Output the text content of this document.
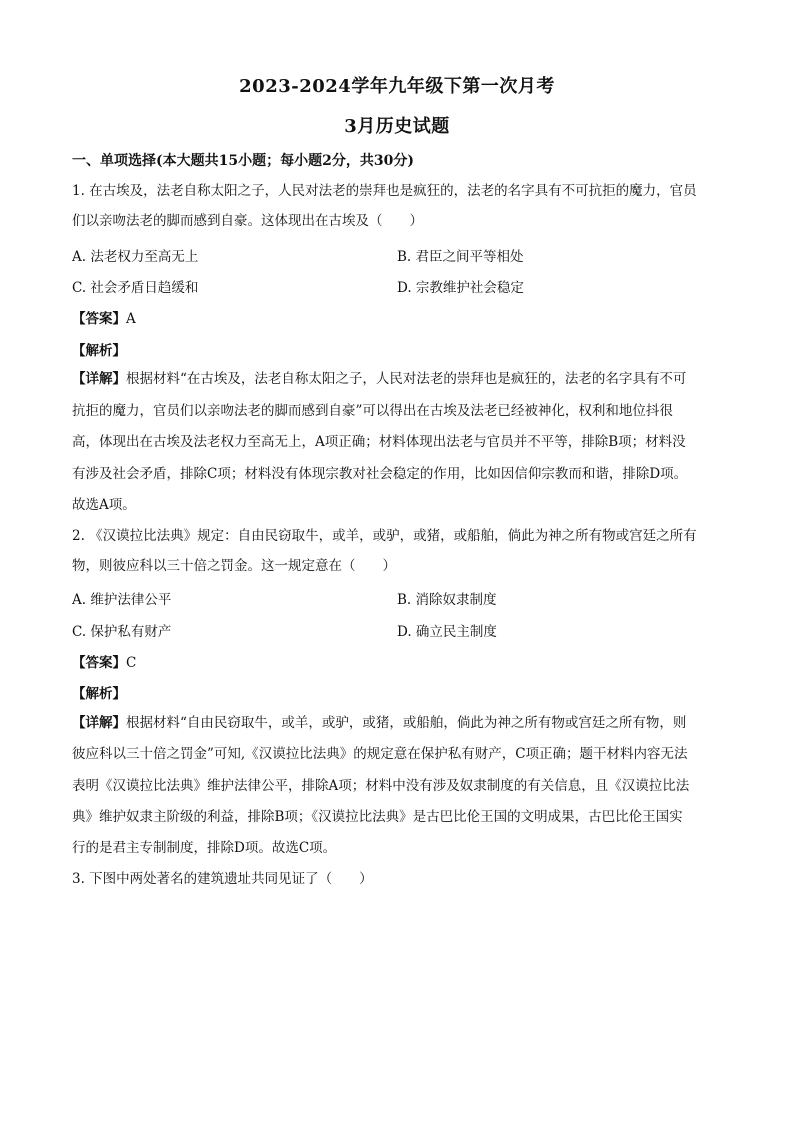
2023-2024学年九年级下第一次月考
3月历史试题
一、单项选择(本大题共15小题；每小题2分，共30分)
1. 在古埃及，法老自称太阳之子，人民对法老的崇拜也是疯狂的，法老的名字具有不可抗拒的魔力，官员
们以亲吻法老的脚而感到自豪。这体现出在古埃及（　　）
A. 法老权力至高无上	B. 君臣之间平等相处
C. 社会矛盾日趋缓和	D. 宗教维护社会稳定
【答案】A
【解析】
【详解】根据材料“在古埃及，法老自称太阳之子，人民对法老的崇拜也是疯狂的，法老的名字具有不可
抗拒的魔力，官员们以亲吻法老的脚而感到自豪”可以得出在古埃及法老已经被神化，权利和地位抖很
高，体现出在古埃及法老权力至高无上，A项正确；材料体现出法老与官员并不平等，排除B项；材料没
有涉及社会矛盾，排除C项；材料没有体现宗教对社会稳定的作用，比如因信仰宗教而和谐，排除D项。
故选A项。
2. 《汉谟拉比法典》规定：自由民窃取牛，或羊，或驴，或猪，或船舶，倘此为神之所有物或宫廷之所有
物，则彼应科以三十倍之罚金。这一规定意在（　　）
A. 维护法律公平	B. 消除奴隶制度
C. 保护私有财产	D. 确立民主制度
【答案】C
【解析】
【详解】根据材料“自由民窃取牛，或羊，或驴，或猪，或船舶，倘此为神之所有物或宫廷之所有物，则
彼应科以三十倍之罚金”可知,《汉谟拉比法典》的规定意在保护私有财产，C项正确；题干材料内容无法
表明《汉谟拉比法典》维护法律公平，排除A项；材料中没有涉及奴隶制度的有关信息，且《汉谟拉比法
典》维护奴隶主阶级的利益，排除B项；《汉谟拉比法典》是古巴比伦王国的文明成果，古巴比伦王国实
行的是君主专制制度，排除D项。故选C项。
3. 下图中两处著名的建筑遗址共同见证了（　　）
